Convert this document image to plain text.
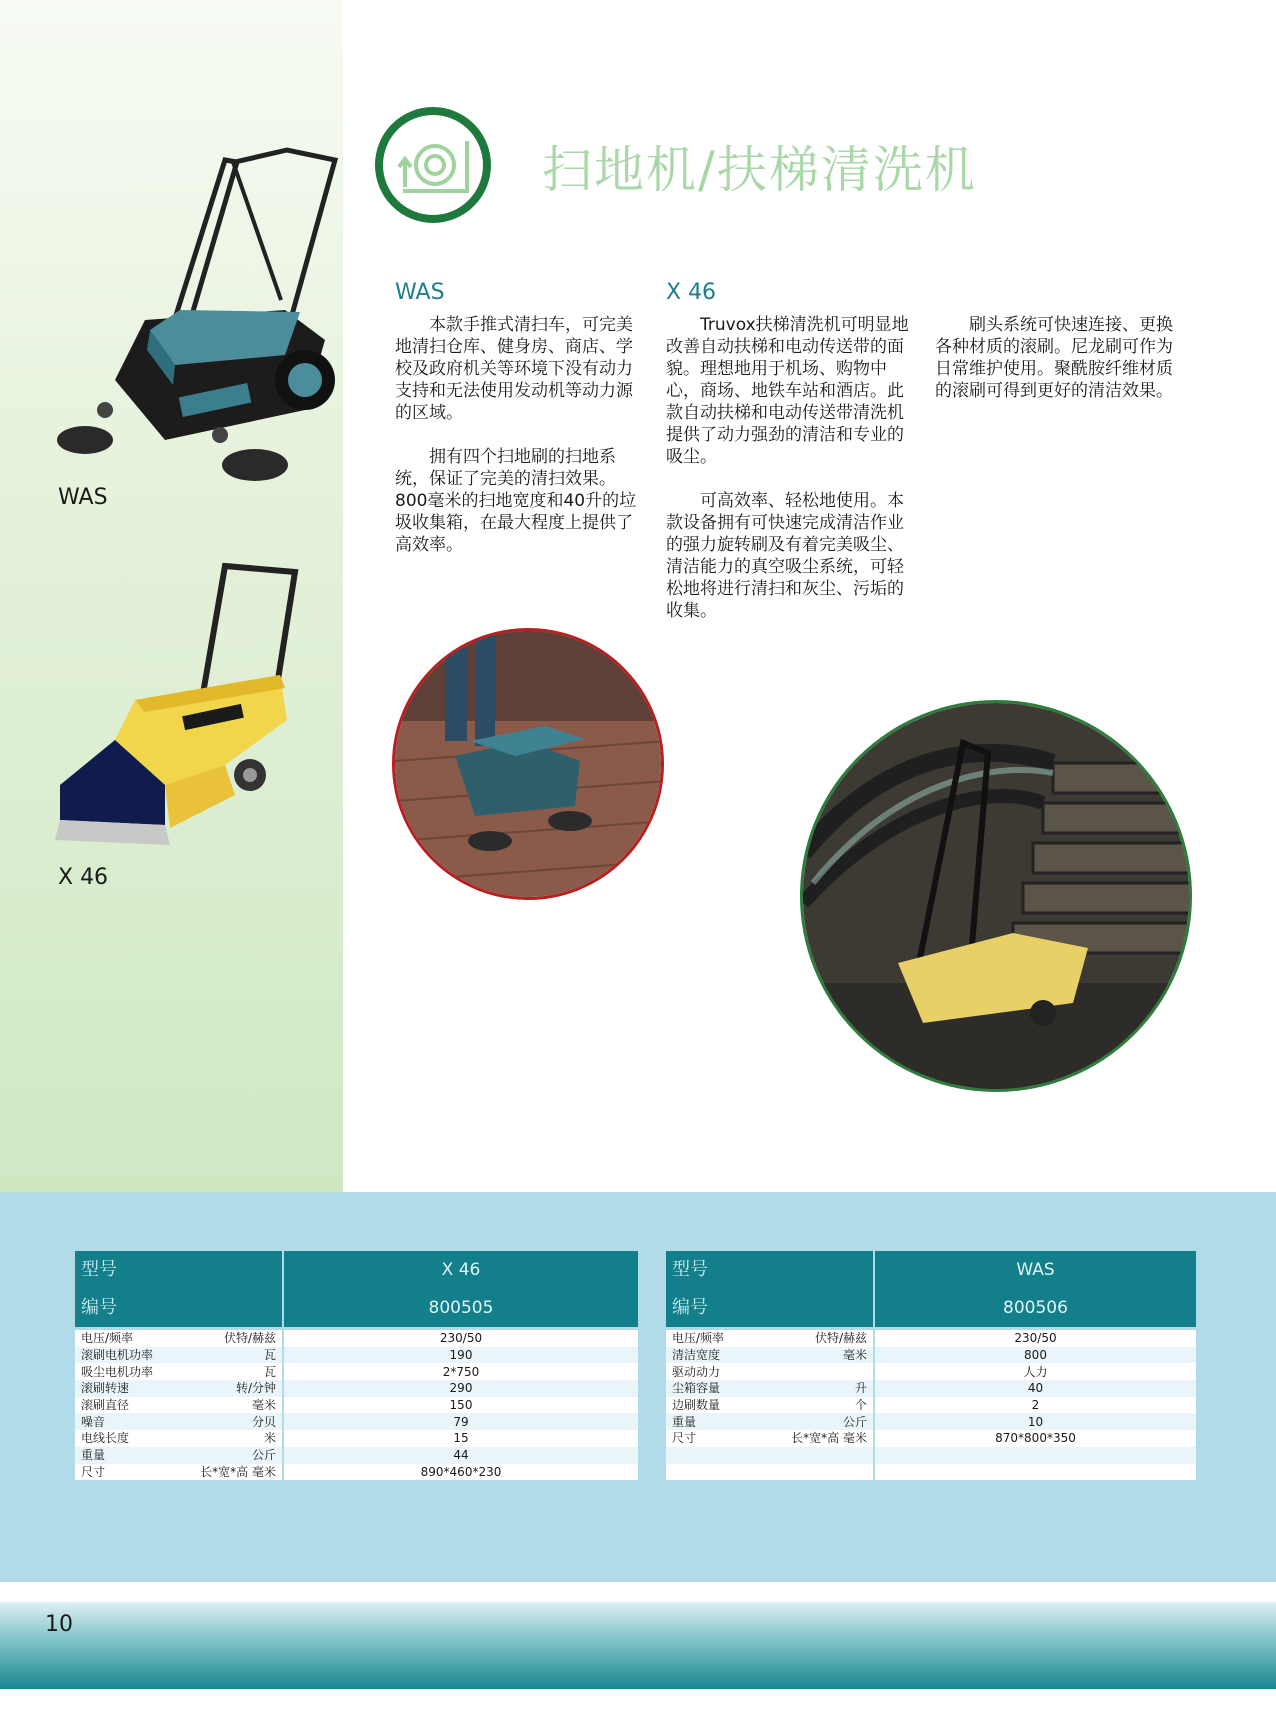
扫地机/扶梯清洗机
WAS
X 46
WAS

本款手推式清扫车，可完美地清扫仓库、健身房、商店、学校及政府机关等环境下没有动力支持和无法使用发动机等动力源的区域。

拥有四个扫地刷的扫地系统，保证了完美的清扫效果。800毫米的扫地宽度和40升的垃圾收集箱，在最大程度上提供了高效率。

X 46

Truvox扶梯清洗机可明显地改善自动扶梯和电动传送带的面貌。理想地用于机场、购物中心，商场、地铁车站和酒店。此款自动扶梯和电动传送带清洗机提供了动力强劲的清洁和专业的吸尘。

可高效率、轻松地使用。本款设备拥有可快速完成清洁作业的强力旋转刷及有着完美吸尘、清洁能力的真空吸尘系统，可轻松地将进行清扫和灰尘、污垢的收集。

刷头系统可快速连接、更换各种材质的滚刷。尼龙刷可作为日常维护使用。聚酰胺纤维材质的滚刷可得到更好的清洁效果。

型号		X 46
编号		800505

电压/频率	伏特/赫兹	230/50
滚刷电机功率	瓦	190
吸尘电机功率	瓦	2*750
滚刷转速	转/分钟	290
滚刷直径	毫米	150
噪音	分贝	79
电线长度	米	15
重量	公斤	44
尺寸	长*宽*高 毫米	890*460*230
型号		WAS
编号		800506

电压/频率	伏特/赫兹	230/50
清洁宽度	毫米	800
驱动动力		人力
尘箱容量	升	40
边刷数量	个	2
重量	公斤	10
尺寸	长*宽*高 毫米	870*800*350

10
